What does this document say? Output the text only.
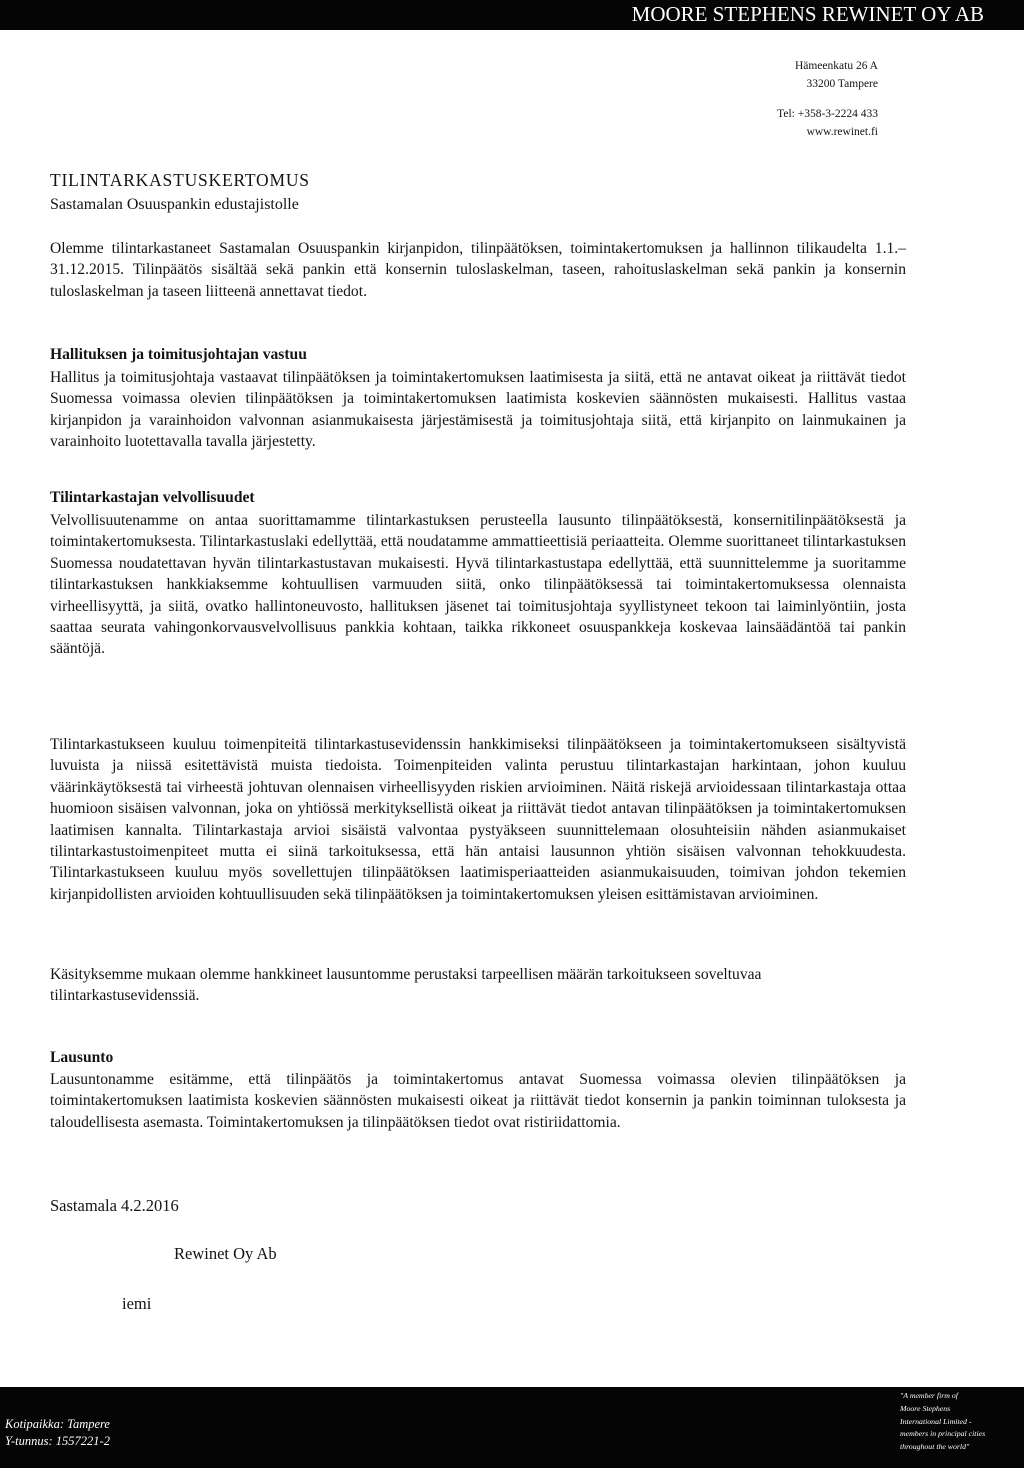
MOORE STEPHENS REWINET OY AB
Hämeenkatu 26 A
33200 Tampere
Tel: +358-3-2224 433
www.rewinet.fi
TILINTARKASTUSKERTOMUS
Sastamalan Osuuspankin edustajistolle
Olemme tilintarkastaneet Sastamalan Osuuspankin kirjanpidon, tilinpäätöksen, toimintakertomuksen ja hallinnon tilikaudelta 1.1.–31.12.2015. Tilinpäätös sisältää sekä pankin että konsernin tuloslaskelman, taseen, rahoituslaskelman sekä pankin ja konsernin tuloslaskelman ja taseen liitteenä annettavat tiedot.
Hallituksen ja toimitusjohtajan vastuu
Hallitus ja toimitusjohtaja vastaavat tilinpäätöksen ja toimintakertomuksen laatimisesta ja siitä, että ne antavat oikeat ja riittävät tiedot Suomessa voimassa olevien tilinpäätöksen ja toimintakertomuksen laatimista koskevien säännösten mukaisesti. Hallitus vastaa kirjanpidon ja varainhoidon valvonnan asianmukaisesta järjestämisestä ja toimitusjohtaja siitä, että kirjanpito on lainmukainen ja varainhoito luotettavalla tavalla järjestetty.
Tilintarkastajan velvollisuudet
Velvollisuutenamme on antaa suorittamamme tilintarkastuksen perusteella lausunto tilinpäätöksestä, konsernitilinpäätöksestä ja toimintakertomuksesta. Tilintarkastuslaki edellyttää, että noudatamme ammattieettisiä periaatteita. Olemme suorittaneet tilintarkastuksen Suomessa noudatettavan hyvän tilintarkastustavan mukaisesti. Hyvä tilintarkastustapa edellyttää, että suunnittelemme ja suoritamme tilintarkastuksen hankkiaksemme kohtuullisen varmuuden siitä, onko tilinpäätöksessä tai toimintakertomuksessa olennaista virheellisyyttä, ja siitä, ovatko hallintoneuvosto, hallituksen jäsenet tai toimitusjohtaja syyllistyneet tekoon tai laiminlyöntiin, josta saattaa seurata vahingonkorvausvelvollisuus pankkia kohtaan, taikka rikkoneet osuuspankkeja koskevaa lainsäädäntöä tai pankin sääntöjä.
Tilintarkastukseen kuuluu toimenpiteitä tilintarkastusevidenssin hankkimiseksi tilinpäätökseen ja toimintakertomukseen sisältyvistä luvuista ja niissä esitettävistä muista tiedoista. Toimenpiteiden valinta perustuu tilintarkastajan harkintaan, johon kuuluu väärinkäytöksestä tai virheestä johtuvan olennaisen virheellisyyden riskien arvioiminen. Näitä riskejä arvioidessaan tilintarkastaja ottaa huomioon sisäisen valvonnan, joka on yhtiössä merkityksellistä oikeat ja riittävät tiedot antavan tilinpäätöksen ja toimintakertomuksen laatimisen kannalta. Tilintarkastaja arvioi sisäistä valvontaa pystyäkseen suunnittelemaan olosuhteisiin nähden asianmukaiset tilintarkastustoimenpiteet mutta ei siinä tarkoituksessa, että hän antaisi lausunnon yhtiön sisäisen valvonnan tehokkuudesta. Tilintarkastukseen kuuluu myös sovellettujen tilinpäätöksen laatimisperiaatteiden asianmukaisuuden, toimivan johdon tekemien kirjanpidollisten arvioiden kohtuullisuuden sekä tilinpäätöksen ja toimintakertomuksen yleisen esittämistavan arvioiminen.
Käsityksemme mukaan olemme hankkineet lausuntomme perustaksi tarpeellisen määrän tarkoitukseen soveltuvaa tilintarkastusevidenssiä.
Lausunto
Lausuntonamme esitämme, että tilinpäätös ja toimintakertomus antavat Suomessa voimassa olevien tilinpäätöksen ja toimintakertomuksen laatimista koskevien säännösten mukaisesti oikeat ja riittävät tiedot konsernin ja pankin toiminnan tuloksesta ja taloudellisesta asemasta. Toimintakertomuksen ja tilinpäätöksen tiedot ovat ristiriidattomia.
Sastamala 4.2.2016
Rewinet Oy Ab
iemi
Kotipaikka: Tampere
Y-tunnus: 1557221-2
"A member firm of
Moore Stephens
International Limited -
members in principal cities
throughout the world"
